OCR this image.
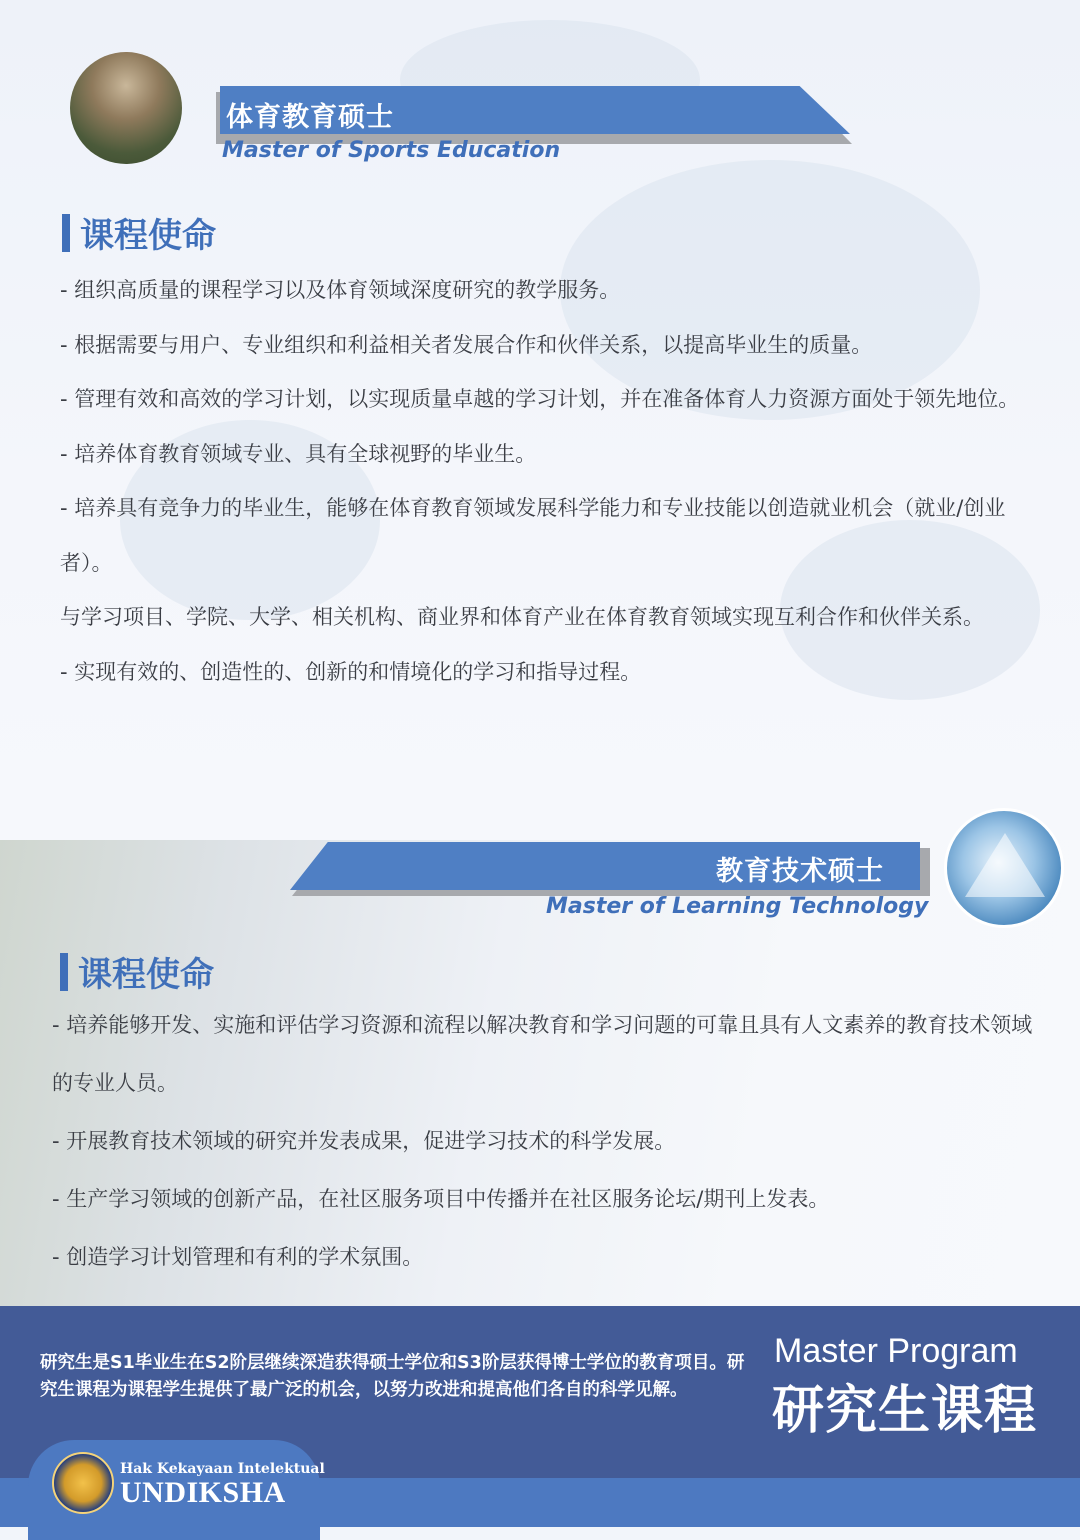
体育教育硕士
Master of Sports Education
课程使命

- 组织高质量的课程学习以及体育领域深度研究的教学服务。

- 根据需要与用户、专业组织和利益相关者发展合作和伙伴关系，以提高毕业生的质量。

- 管理有效和高效的学习计划，以实现质量卓越的学习计划，并在准备体育人力资源方面处于领先地位。

- 培养体育教育领域专业、具有全球视野的毕业生。

- 培养具有竞争力的毕业生，能够在体育教育领域发展科学能力和专业技能以创造就业机会（就业/创业者）。

与学习项目、学院、大学、相关机构、商业界和体育产业在体育教育领域实现互利合作和伙伴关系。

- 实现有效的、创造性的、创新的和情境化的学习和指导过程。

教育技术硕士
Master of Learning Technology
课程使命

- 培养能够开发、实施和评估学习资源和流程以解决教育和学习问题的可靠且具有人文素养的教育技术领域的专业人员。

- 开展教育技术领域的研究并发表成果，促进学习技术的科学发展。

- 生产学习领域的创新产品，在社区服务项目中传播并在社区服务论坛/期刊上发表。

- 创造学习计划管理和有利的学术氛围。

研究生是S1毕业生在S2阶层继续深造获得硕士学位和S3阶层获得博士学位的教育项目。研究生课程为课程学生提供了最广泛的机会，以努力改进和提高他们各自的科学见解。
Master Program
研究生课程
Hak Kekayaan Intelektual
UNDIKSHA
